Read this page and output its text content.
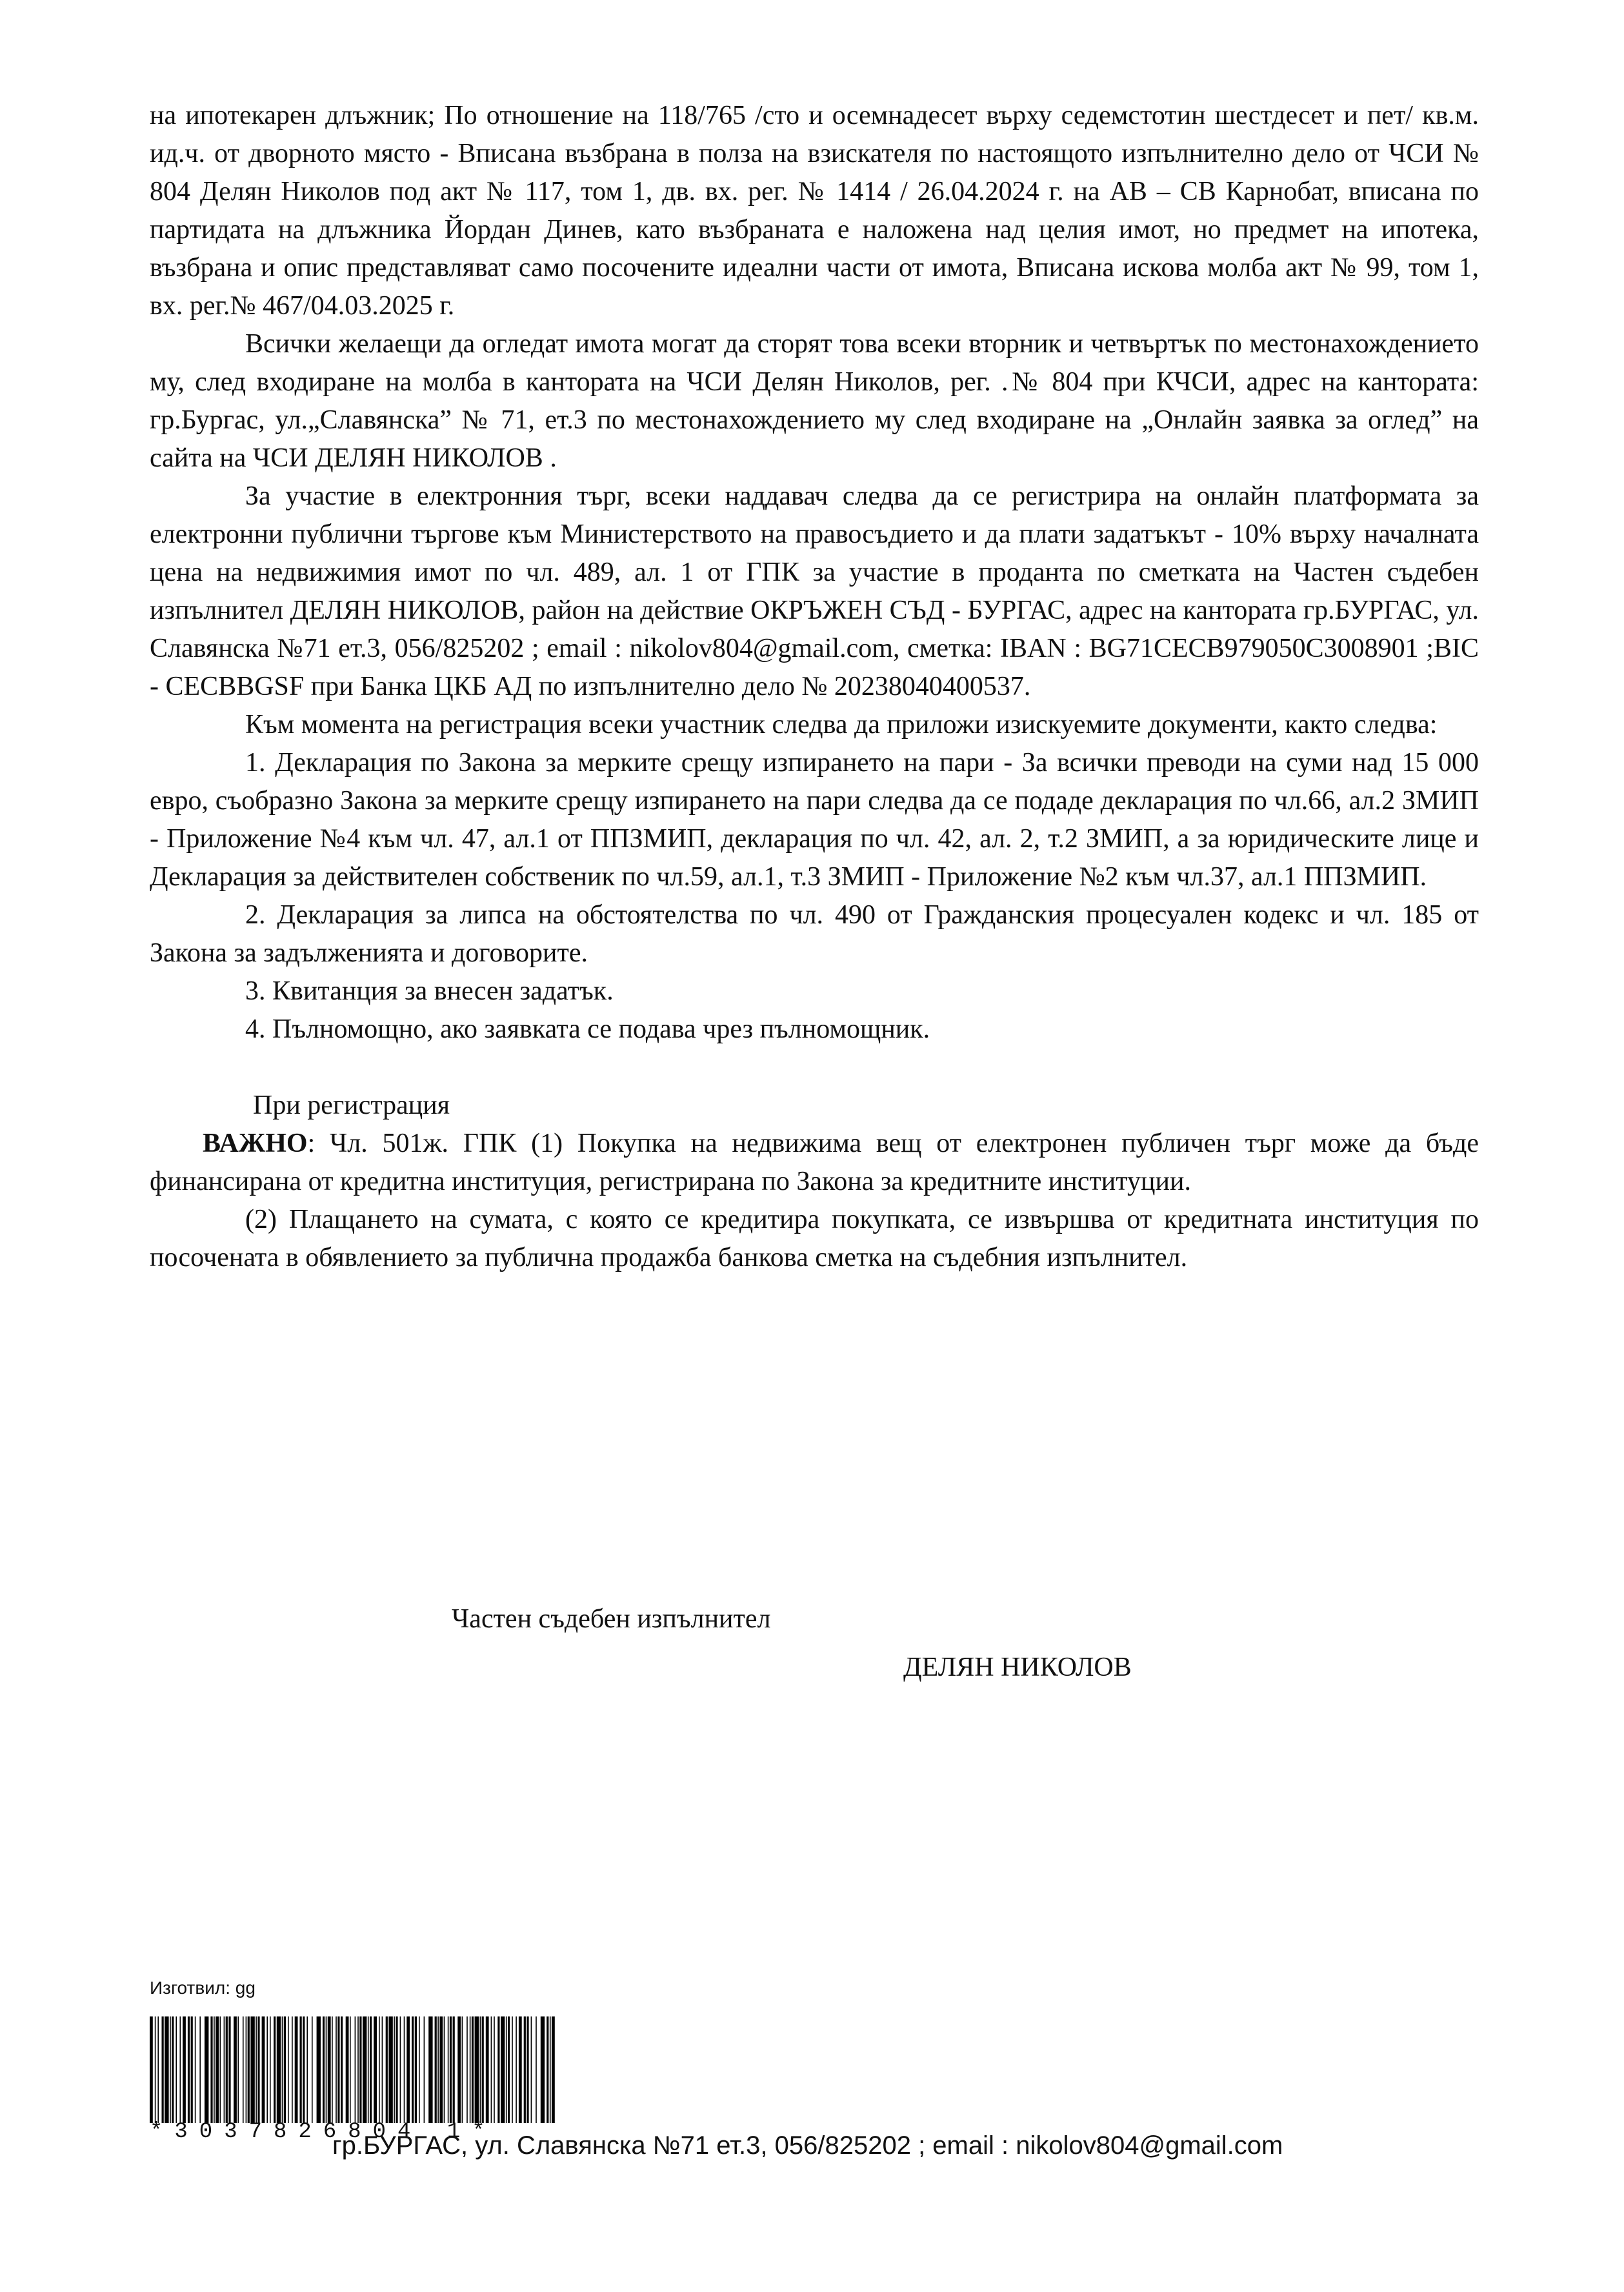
на ипотекарен длъжник; По отношение на 118/765 /сто и осемнадесет върху седемстотин шестдесет и пет/ кв.м. ид.ч. от дворното място - Вписана възбрана в полза на взискателя по настоящото изпълнително дело от ЧСИ № 804 Делян Николов под акт № 117, том 1, дв. вх. рег. № 1414 / 26.04.2024 г. на АВ – СВ Карнобат, вписана по партидата на длъжника Йордан Динев, като възбраната е наложена над целия имот, но предмет на ипотека, възбрана и опис представляват само посочените идеални части от имота, Вписана искова молба акт № 99, том 1, вх. рег.№ 467/04.03.2025 г.

Всички желаещи да огледат имота могат да сторят това всеки вторник и четвъртък по местонахождението му, след входиране на молба в кантората на ЧСИ Делян Николов, рег. .№ 804 при КЧСИ, адрес на кантората: гр.Бургас, ул.„Славянска” № 71, ет.3 по местонахождението му след входиране на „Онлайн заявка за оглед” на сайта на ЧСИ ДЕЛЯН НИКОЛОВ .

За участие в електронния търг, всеки наддавач следва да се регистрира на онлайн платформата за електронни публични търгове към Министерството на правосъдието и да плати задатъкът - 10% върху началната цена на недвижимия имот по чл. 489, ал. 1 от ГПК за участие в проданта по сметката на Частен съдебен изпълнител ДЕЛЯН НИКОЛОВ, район на действие ОКРЪЖЕН СЪД - БУРГАС, адрес на кантората гр.БУРГАС, ул. Славянска №71 ет.3, 056/825202 ; email : nikolov804@gmail.com, сметка: IBAN : BG71CECB979050C3008901 ;BIC - CECBBGSF при Банка ЦКБ АД по изпълнително дело № 20238040400537.

Към момента на регистрация всеки участник следва да приложи изискуемите документи, както следва:

1. Декларация по Закона за мерките срещу изпирането на пари - За всички преводи на суми над 15 000 евро, съобразно Закона за мерките срещу изпирането на пари следва да се подаде декларация по чл.66, ал.2 ЗМИП - Приложение №4 към чл. 47, ал.1 от ППЗМИП, декларация по чл. 42, ал. 2, т.2 ЗМИП, а за юридическите лице и Декларация за действителен собственик по чл.59, ал.1, т.3 ЗМИП - Приложение №2 към чл.37, ал.1 ППЗМИП.

2. Декларация за липса на обстоятелства по чл. 490 от Гражданския процесуален кодекс и чл. 185 от Закона за задълженията и договорите.

3. Квитанция за внесен задатък.

4. Пълномощно, ако заявката се подава чрез пълномощник.

При регистрация

ВАЖНО: Чл. 501ж. ГПК (1) Покупка на недвижима вещ от електронен публичен търг може да бъде финансирана от кредитна институция, регистрирана по Закона за кредитните институции.

(2) Плащането на сумата, с която се кредитира покупката, се извършва от кредитната институция по посочената в обявлението за публична продажба банкова сметка на съдебния изпълнител.

Частен съдебен изпълнител
ДЕЛЯН НИКОЛОВ
Изготвил: gg
*3037826804 1*
гр.БУРГАС, ул. Славянска №71 ет.3, 056/825202 ; email : nikolov804@gmail.com
